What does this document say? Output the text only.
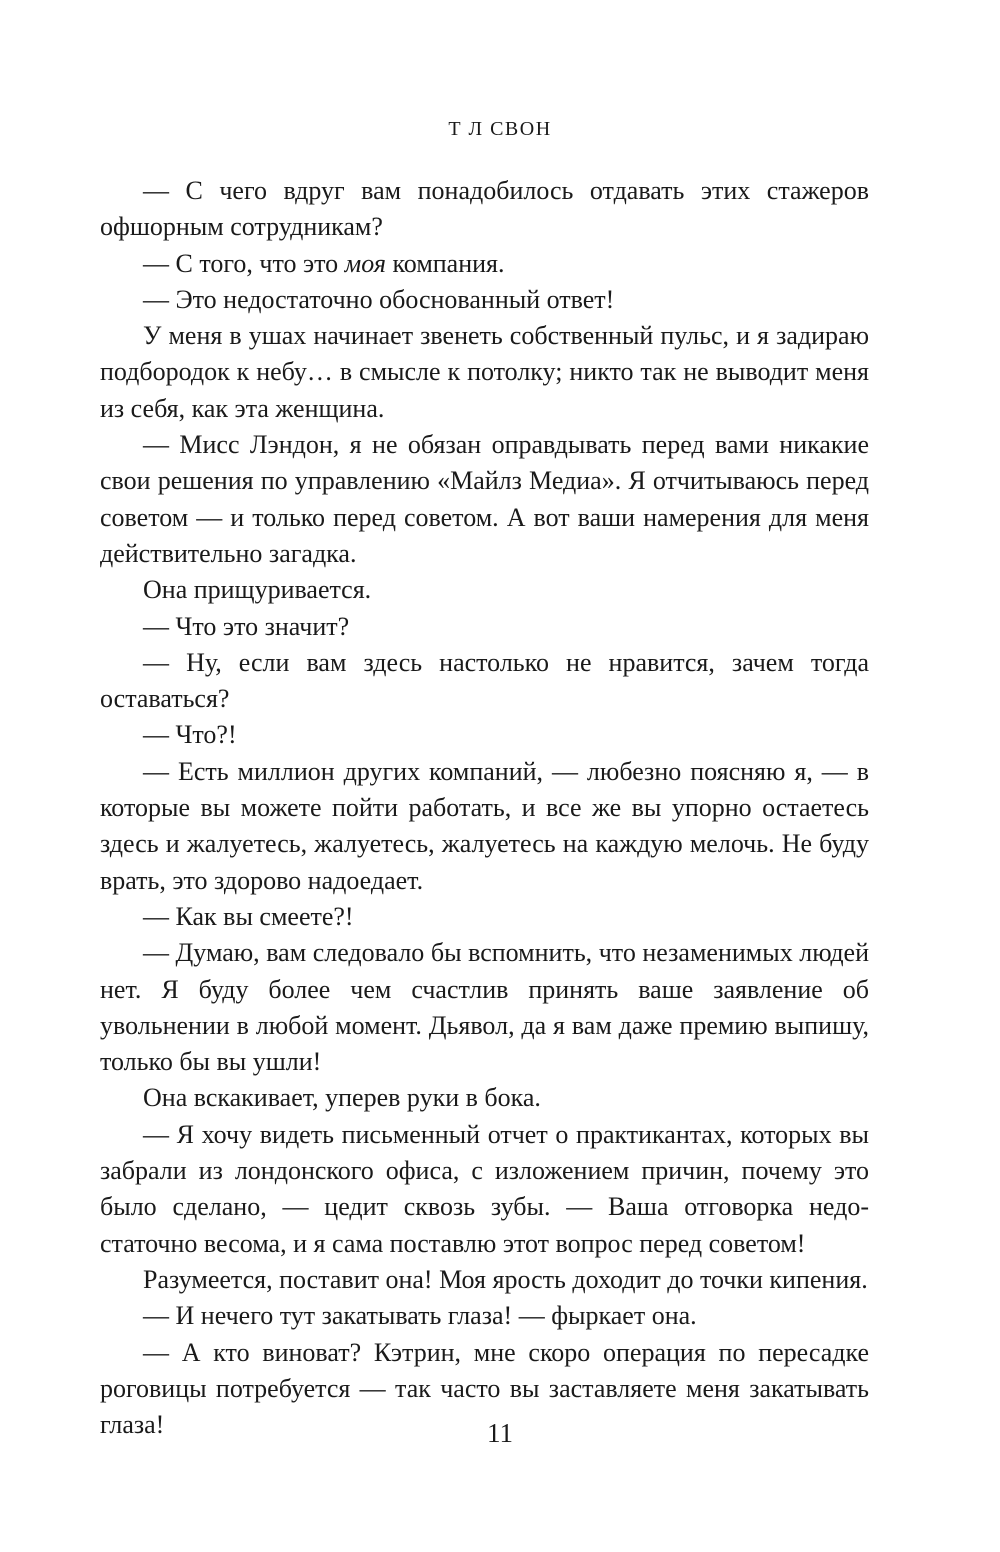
Т Л СВОН

— С чего вдруг вам понадобилось отдавать этих стажеров офшорным сотрудникам?

— С того, что это моя компания.

— Это недостаточно обоснованный ответ!

У меня в ушах начинает звенеть собственный пульс, и я задираю подбородок к небу… в смысле к потолку; никто так не выводит меня из себя, как эта женщина.

— Мисс Лэндон, я не обязан оправдывать перед вами никакие свои решения по управлению «Майлз Медиа». Я отчитываюсь перед советом — и только перед советом. А вот ваши намерения для меня действительно загадка.

Она прищуривается.

— Что это значит?

— Ну, если вам здесь настолько не нравится, зачем тогда оставаться?

— Что?!

— Есть миллион других компаний, — любезно поясняю я, — в которые вы можете пойти работать, и все же вы упорно остаетесь здесь и жалуетесь, жалуетесь, жалуетесь на каждую мелочь. Не буду врать, это здорово надоедает.

— Как вы смеете?!

— Думаю, вам следовало бы вспомнить, что незаменимых людей нет. Я буду более чем счастлив принять ваше заявление об увольнении в любой момент. Дьявол, да я вам даже премию выпишу, только бы вы ушли!

Она вскакивает, уперев руки в бока.

— Я хочу видеть письменный отчет о практикантах, которых вы забрали из лондонского офиса, с изложением причин, почему это было сделано, — цедит сквозь зубы. — Ваша отговорка недостаточно весома, и я сама поставлю этот вопрос перед советом!

Разумеется, поставит она! Моя ярость доходит до точки кипения.

— И нечего тут закатывать глаза! — фыркает она.

— А кто виноват? Кэтрин, мне скоро операция по пересадке роговицы потребуется — так часто вы заставляете меня закатывать глаза!	11
